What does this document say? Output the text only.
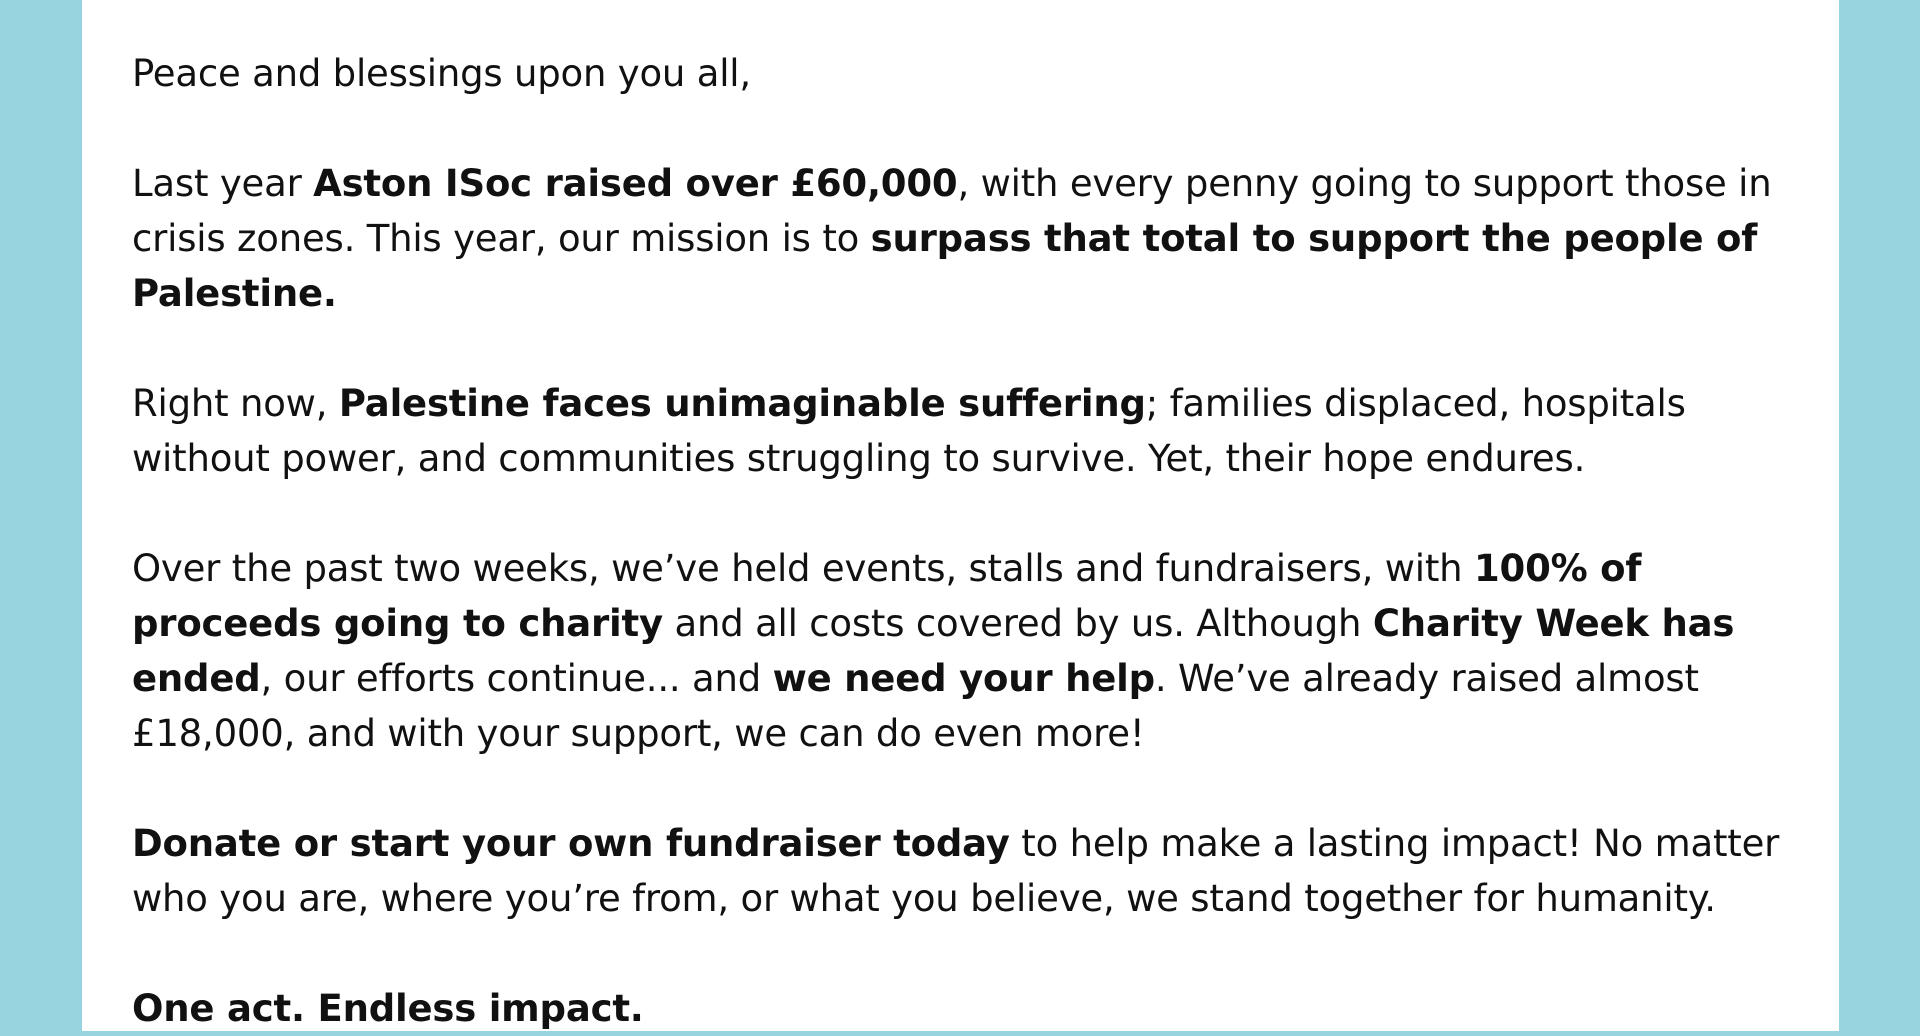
Peace and blessings upon you all,

Last year Aston ISoc raised over £60,000, with every penny going to support those in crisis zones. This year, our mission is to surpass that total to support the people of Palestine.

Right now, Palestine faces unimaginable suffering; families displaced, hospitals without power, and communities struggling to survive. Yet, their hope endures.

Over the past two weeks, we’ve held events, stalls and fundraisers, with 100% of proceeds going to charity and all costs covered by us. Although Charity Week has ended, our efforts continue... and we need your help. We’ve already raised almost £18,000, and with your support, we can do even more!

Donate or start your own fundraiser today to help make a lasting impact! No matter who you are, where you’re from, or what you believe, we stand together for humanity.

One act. Endless impact.
